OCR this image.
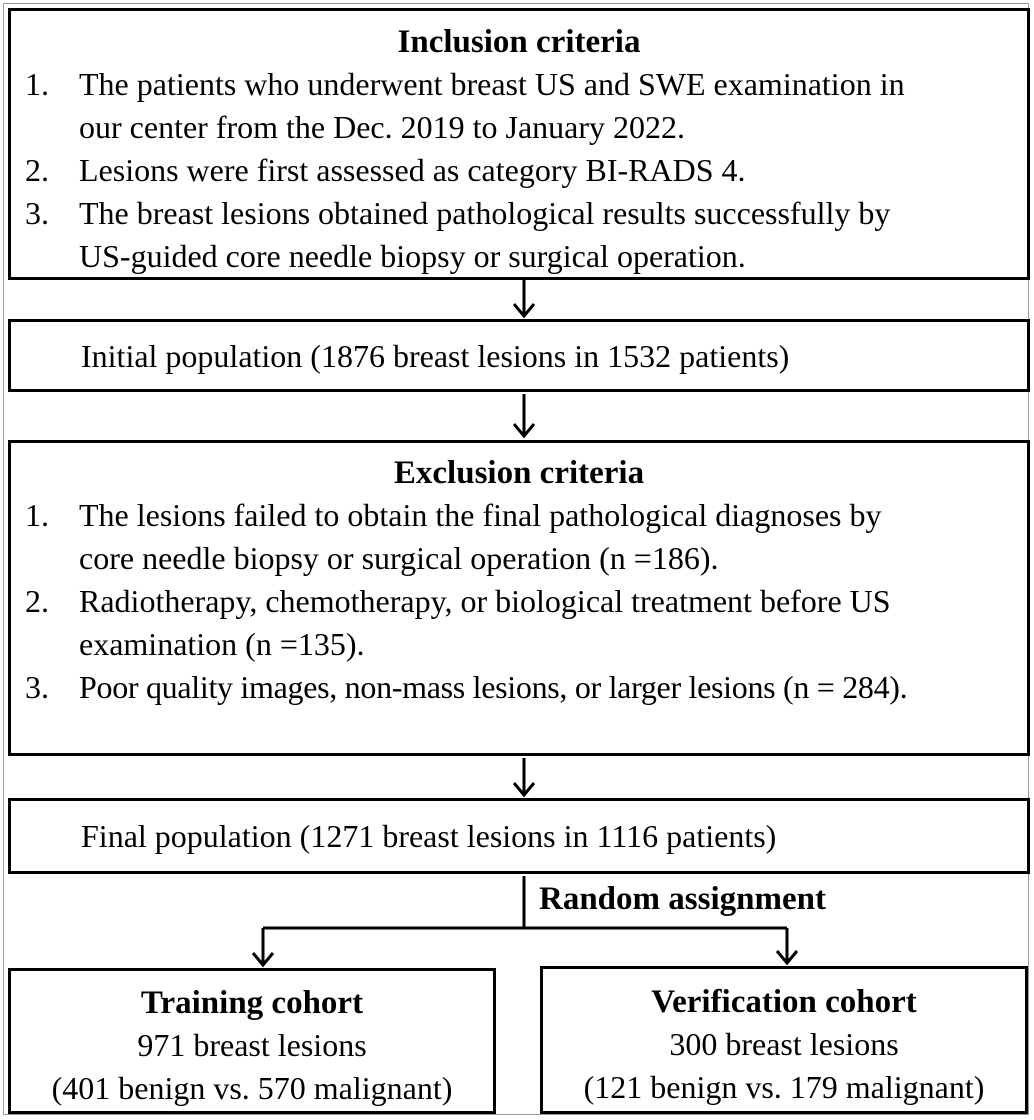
Inclusion criteria
1. The patients who underwent breast US and SWE examination in
our center from the Dec. 2019 to January 2022.
2. Lesions were first assessed as category BI-RADS 4.
3. The breast lesions obtained pathological results successfully by
US-guided core needle biopsy or surgical operation.
Initial population (1876 breast lesions in 1532 patients)
Exclusion criteria
1. The lesions failed to obtain the final pathological diagnoses by
core needle biopsy or surgical operation (n =186).
2. Radiotherapy, chemotherapy, or biological treatment before US
examination (n =135).
3. Poor quality images, non-mass lesions, or larger lesions (n = 284).
Final population (1271 breast lesions in 1116 patients)
Random assignment
Training cohort
971 breast lesions
(401 benign vs. 570 malignant)
Verification cohort
300 breast lesions
(121 benign vs. 179 malignant)
